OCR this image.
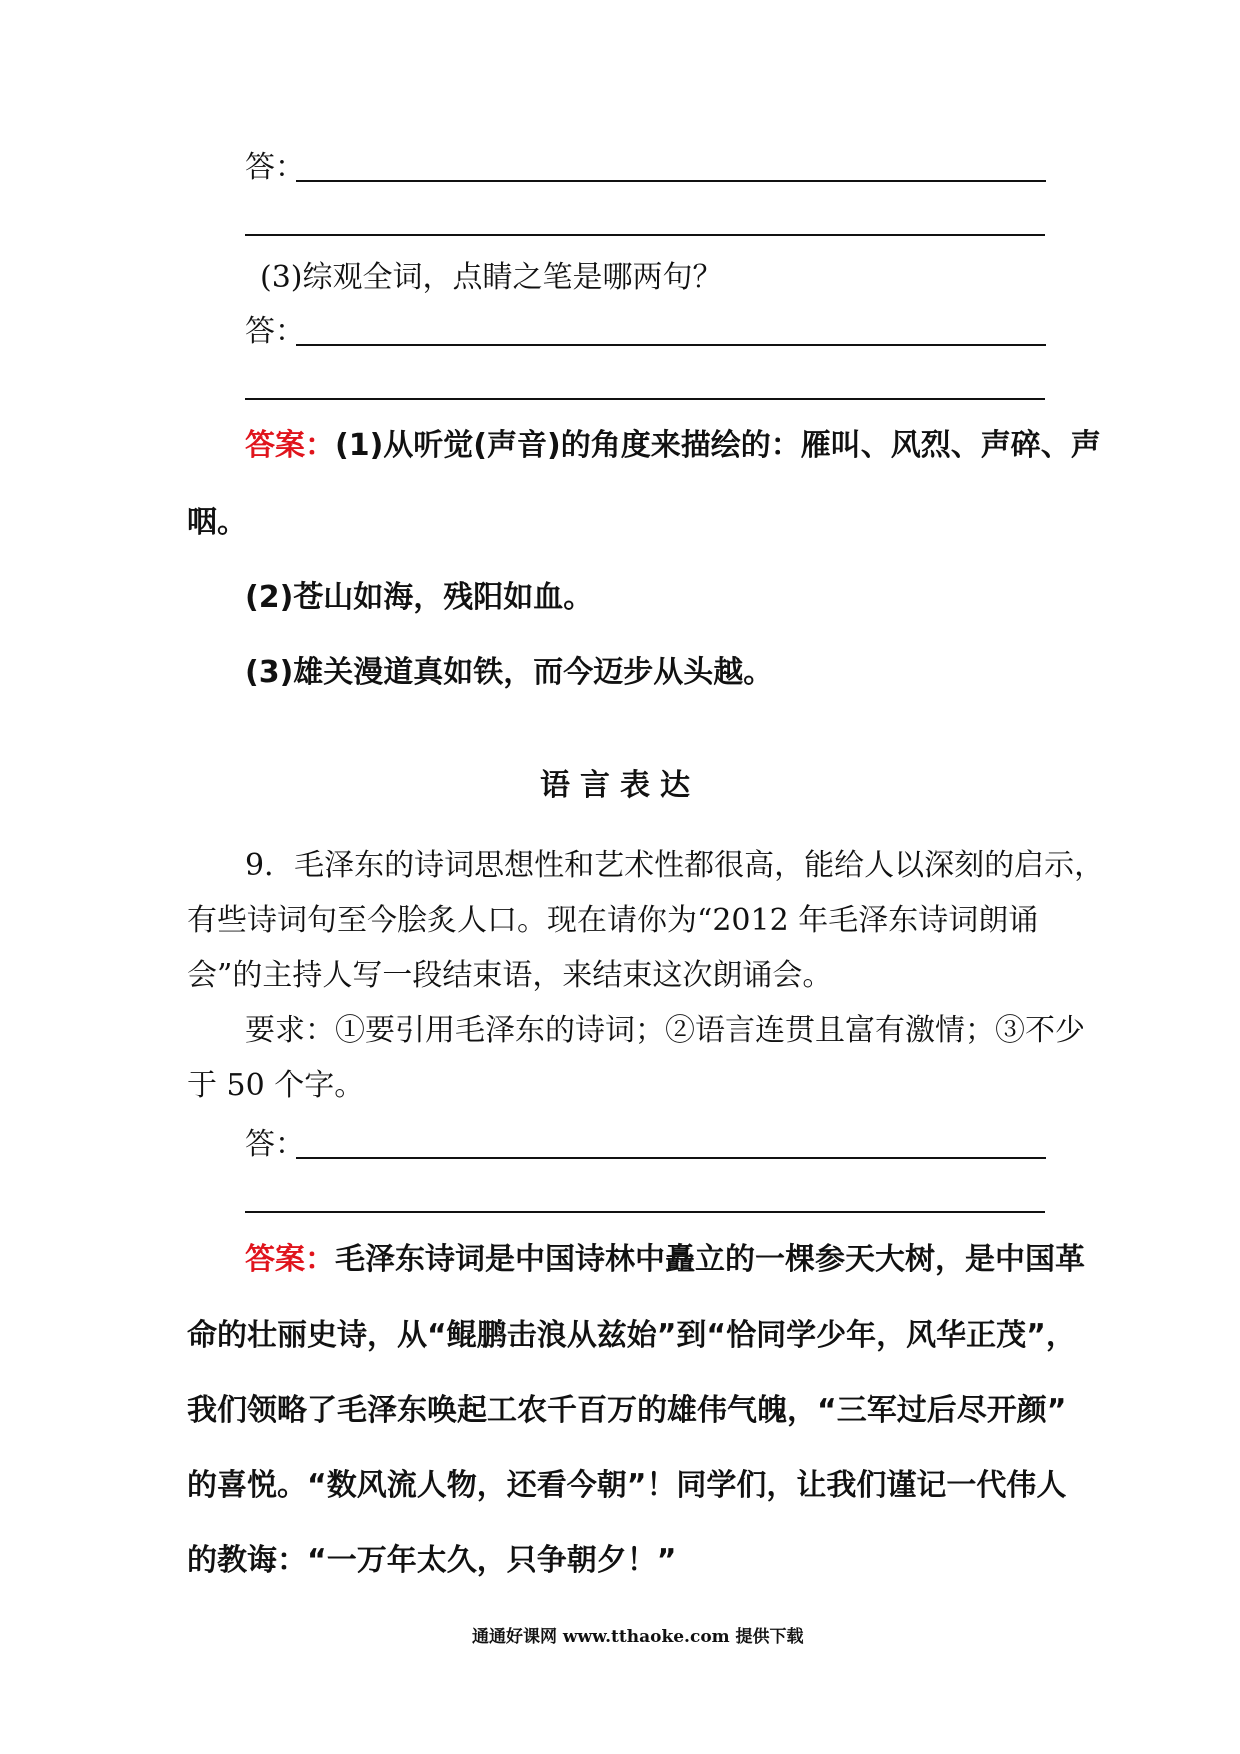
答：
(3)综观全词，点睛之笔是哪两句？
答：
答案：(1)从听觉(声音)的角度来描绘的：雁叫、风烈、声碎、声
咽。
(2)苍山如海，残阳如血。
(3)雄关漫道真如铁，而今迈步从头越。
语言表达
9．毛泽东的诗词思想性和艺术性都很高，能给人以深刻的启示，
有些诗词句至今脍炙人口。现在请你为“2012 年毛泽东诗词朗诵
会”的主持人写一段结束语，来结束这次朗诵会。
要求：①要引用毛泽东的诗词；②语言连贯且富有激情；③不少
于 50 个字。
答：
答案：毛泽东诗词是中国诗林中矗立的一棵参天大树，是中国革
命的壮丽史诗，从“鲲鹏击浪从兹始”到“恰同学少年，风华正茂”，
我们领略了毛泽东唤起工农千百万的雄伟气魄，“三军过后尽开颜”
的喜悦。“数风流人物，还看今朝”！同学们，让我们谨记一代伟人
的教诲：“一万年太久，只争朝夕！”
通通好课网 www.tthaoke.com 提供下载
